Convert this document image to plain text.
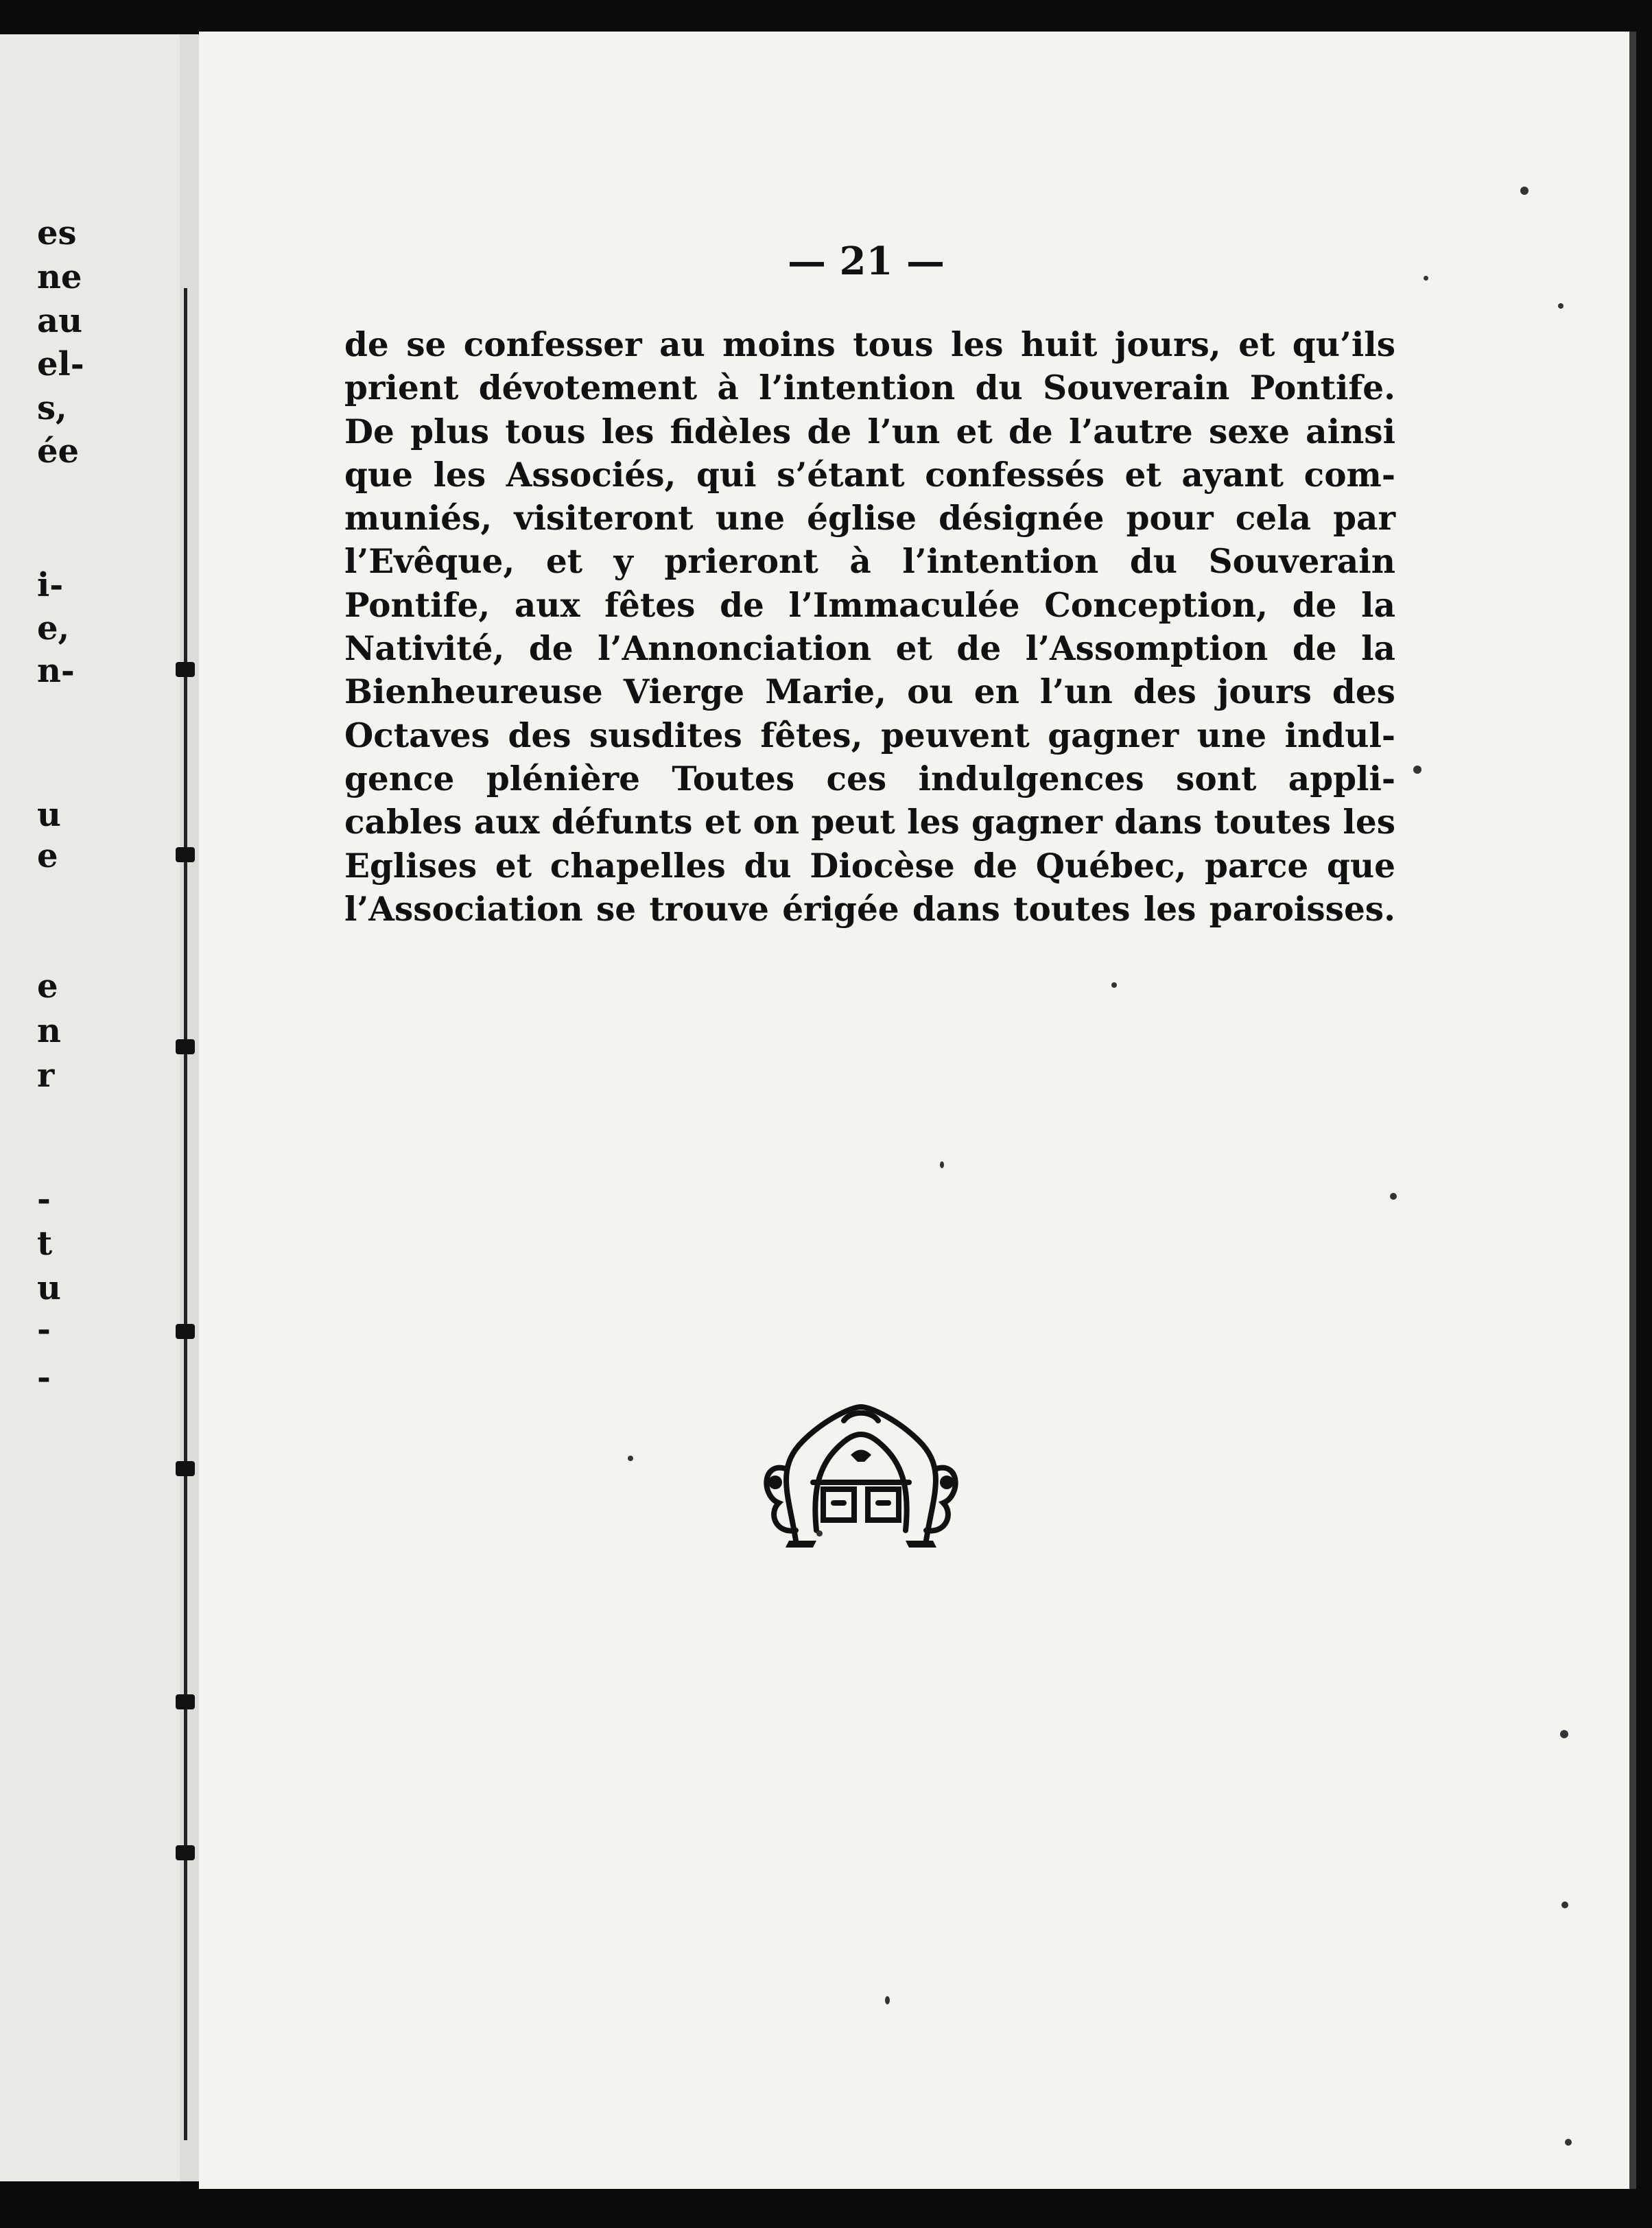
es
ne
au
el-
s,
ée
i-
e,
n-
u
e
e
n
r
-
t
u
-
-
— 21 —
de se confesser au moins tous les huit jours, et qu’ils
prient dévotement à l’intention du Souverain Pontife.
De plus tous les fidèles de l’un et de l’autre sexe ainsi
que les Associés, qui s’étant confessés et ayant com-
muniés, visiteront une église désignée pour cela par
l’Evêque, et y prieront à l’intention du Souverain
Pontife, aux fêtes de l’Immaculée Conception, de la
Nativité, de l’Annonciation et de l’Assomption de la
Bienheureuse Vierge Marie, ou en l’un des jours des
Octaves des susdites fêtes, peuvent gagner une indul-
gence plénière Toutes ces indulgences sont appli-
cables aux défunts et on peut les gagner dans toutes les
Eglises et chapelles du Diocèse de Québec, parce que
l’Association se trouve érigée dans toutes les paroisses.
